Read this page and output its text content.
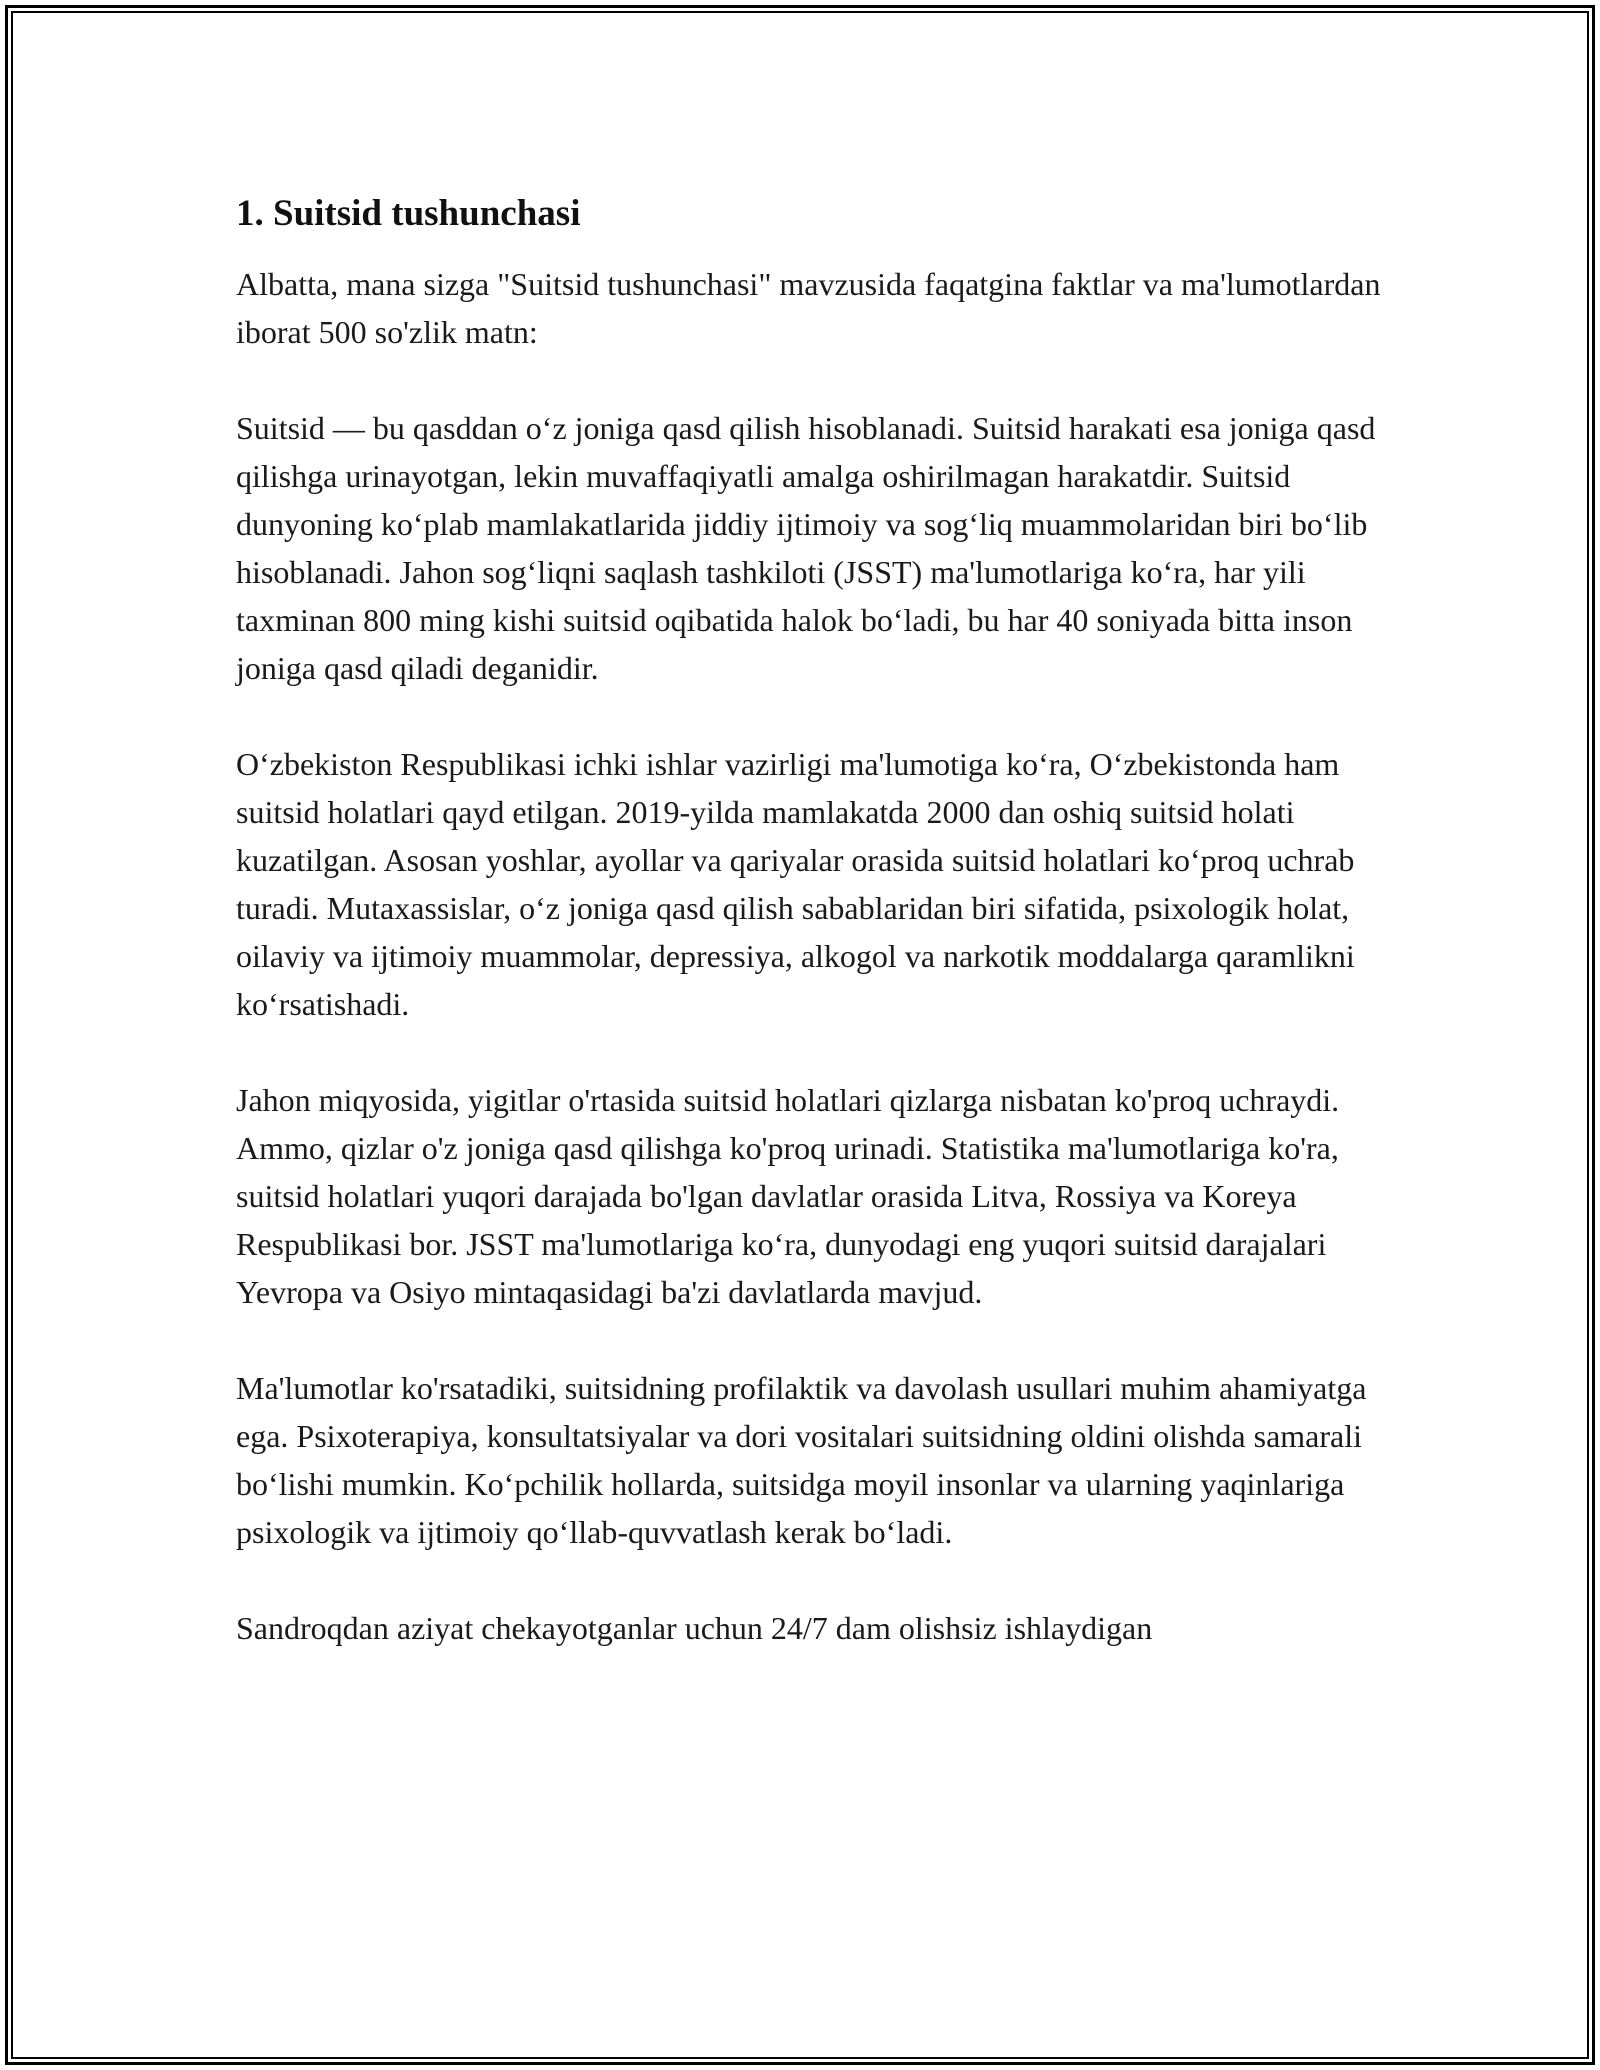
1. Suitsid tushunchasi

Albatta, mana sizga "Suitsid tushunchasi" mavzusida faqatgina faktlar va ma'lumotlardan iborat 500 so'zlik matn:

Suitsid — bu qasddan o‘z joniga qasd qilish hisoblanadi. Suitsid harakati esa joniga qasd qilishga urinayotgan, lekin muvaffaqiyatli amalga oshirilmagan harakatdir. Suitsid dunyoning ko‘plab mamlakatlarida jiddiy ijtimoiy va sog‘liq muammolaridan biri bo‘lib hisoblanadi. Jahon sog‘liqni saqlash tashkiloti (JSST) ma'lumotlariga ko‘ra, har yili taxminan 800 ming kishi suitsid oqibatida halok bo‘ladi, bu har 40 soniyada bitta inson joniga qasd qiladi deganidir.

O‘zbekiston Respublikasi ichki ishlar vazirligi ma'lumotiga ko‘ra, O‘zbekistonda ham suitsid holatlari qayd etilgan. 2019-yilda mamlakatda 2000 dan oshiq suitsid holati kuzatilgan. Asosan yoshlar, ayollar va qariyalar orasida suitsid holatlari ko‘proq uchrab turadi. Mutaxassislar, o‘z joniga qasd qilish sabablaridan biri sifatida, psixologik holat, oilaviy va ijtimoiy muammolar, depressiya, alkogol va narkotik moddalarga qaramlikni ko‘rsatishadi.

Jahon miqyosida, yigitlar o'rtasida suitsid holatlari qizlarga nisbatan ko'proq uchraydi. Ammo, qizlar o'z joniga qasd qilishga ko'proq urinadi. Statistika ma'lumotlariga ko'ra, suitsid holatlari yuqori darajada bo'lgan davlatlar orasida Litva, Rossiya va Koreya Respublikasi bor. JSST ma'lumotlariga ko‘ra, dunyodagi eng yuqori suitsid darajalari Yevropa va Osiyo mintaqasidagi ba'zi davlatlarda mavjud.

Ma'lumotlar ko'rsatadiki, suitsidning profilaktik va davolash usullari muhim ahamiyatga ega. Psixoterapiya, konsultatsiyalar va dori vositalari suitsidning oldini olishda samarali bo‘lishi mumkin. Ko‘pchilik hollarda, suitsidga moyil insonlar va ularning yaqinlariga psixologik va ijtimoiy qo‘llab-quvvatlash kerak bo‘ladi.

Sandroqdan aziyat chekayotganlar uchun 24/7 dam olishsiz ishlaydigan
